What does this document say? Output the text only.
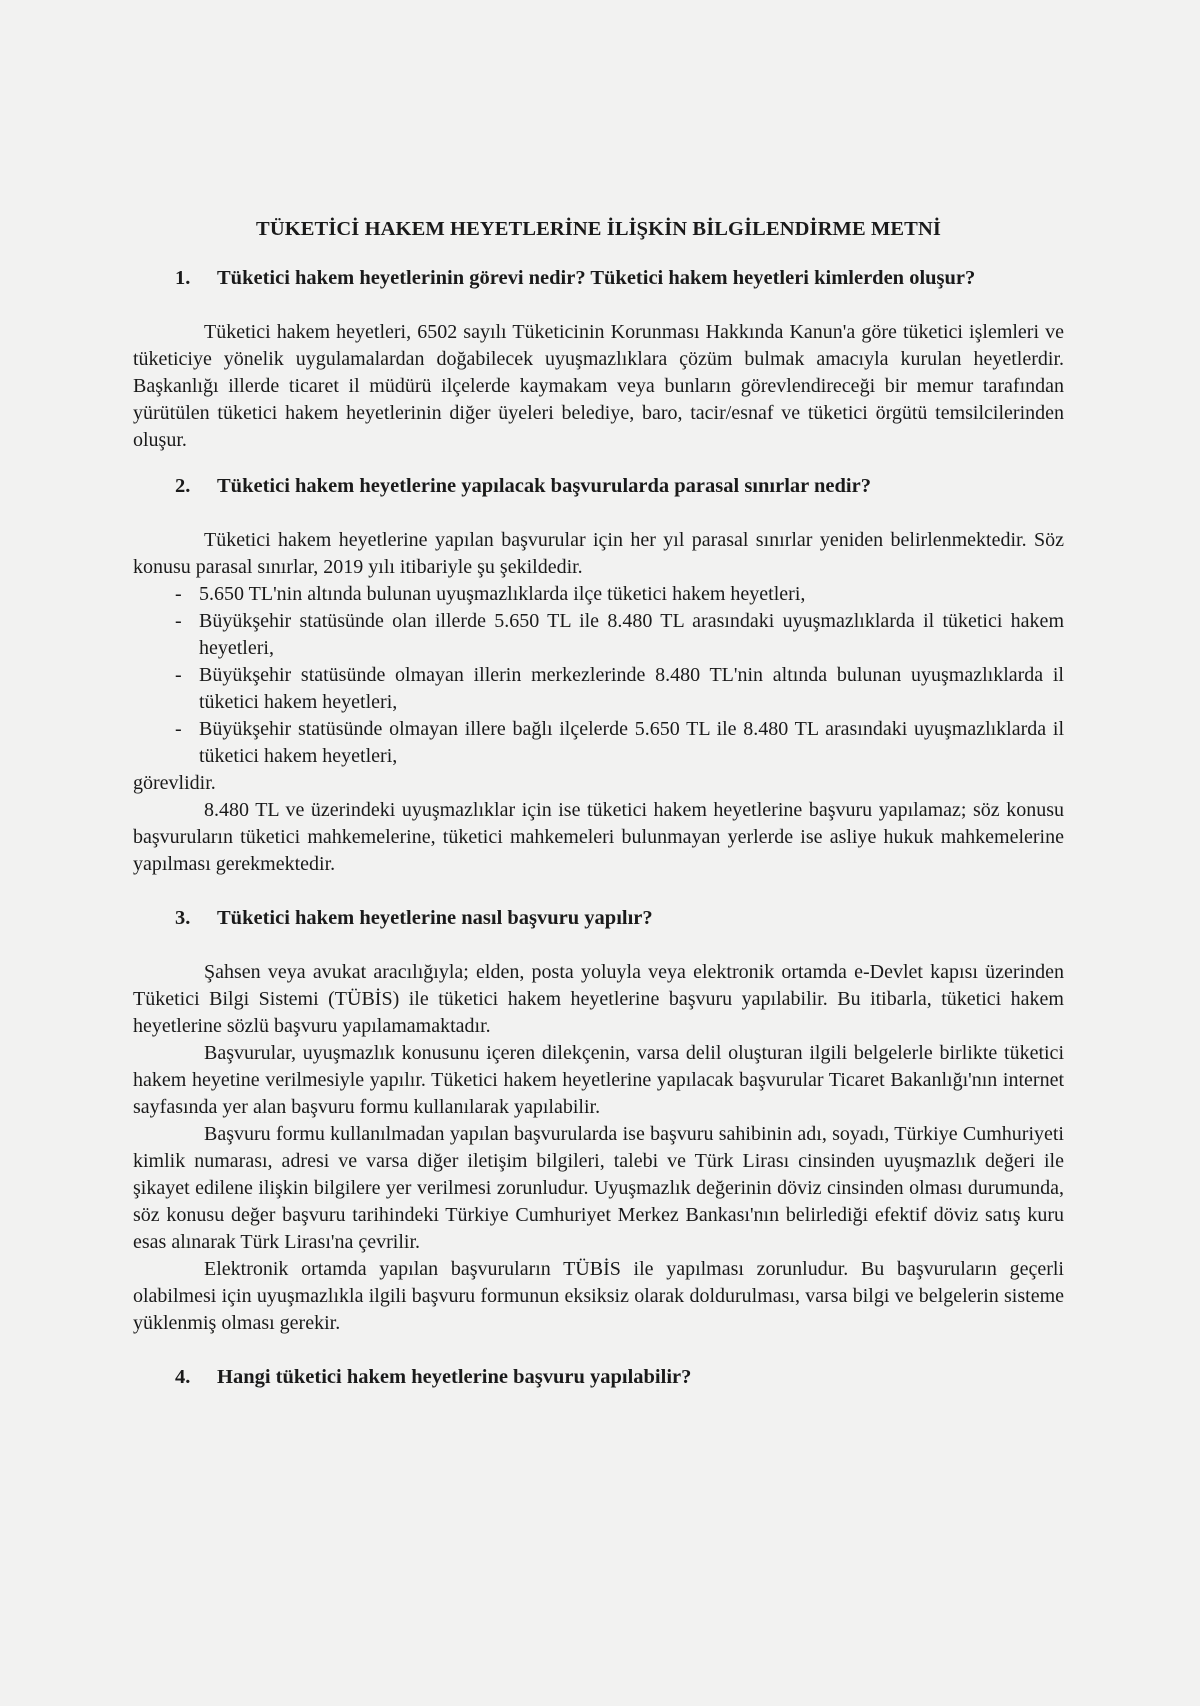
TÜKETİCİ HAKEM HEYETLERİNE İLİŞKİN BİLGİLENDİRME METNİ

1.	Tüketici hakem heyetlerinin görevi nedir? Tüketici hakem heyetleri kimlerden oluşur?

Tüketici hakem heyetleri, 6502 sayılı Tüketicinin Korunması Hakkında Kanun'a göre tüketici işlemleri ve tüketiciye yönelik uygulamalardan doğabilecek uyuşmazlıklara çözüm bulmak amacıyla kurulan heyetlerdir. Başkanlığı illerde ticaret il müdürü ilçelerde kaymakam veya bunların görevlendireceği bir memur tarafından yürütülen tüketici hakem heyetlerinin diğer üyeleri belediye, baro, tacir/esnaf ve tüketici örgütü temsilcilerinden oluşur.

2.	Tüketici hakem heyetlerine yapılacak başvurularda parasal sınırlar nedir?

Tüketici hakem heyetlerine yapılan başvurular için her yıl parasal sınırlar yeniden belirlenmektedir. Söz konusu parasal sınırlar, 2019 yılı itibariyle şu şekildedir.

- 5.650 TL'nin altında bulunan uyuşmazlıklarda ilçe tüketici hakem heyetleri,
- Büyükşehir statüsünde olan illerde 5.650 TL ile 8.480 TL arasındaki uyuşmazlıklarda il tüketici hakem heyetleri,
- Büyükşehir statüsünde olmayan illerin merkezlerinde 8.480 TL'nin altında bulunan uyuşmazlıklarda il tüketici hakem heyetleri,
- Büyükşehir statüsünde olmayan illere bağlı ilçelerde 5.650 TL ile 8.480 TL arasındaki uyuşmazlıklarda il tüketici hakem heyetleri,

görevlidir.

8.480 TL ve üzerindeki uyuşmazlıklar için ise tüketici hakem heyetlerine başvuru yapılamaz; söz konusu başvuruların tüketici mahkemelerine, tüketici mahkemeleri bulunmayan yerlerde ise asliye hukuk mahkemelerine yapılması gerekmektedir.

3.	Tüketici hakem heyetlerine nasıl başvuru yapılır?

Şahsen veya avukat aracılığıyla; elden, posta yoluyla veya elektronik ortamda e-Devlet kapısı üzerinden Tüketici Bilgi Sistemi (TÜBİS) ile tüketici hakem heyetlerine başvuru yapılabilir. Bu itibarla, tüketici hakem heyetlerine sözlü başvuru yapılamamaktadır.

Başvurular, uyuşmazlık konusunu içeren dilekçenin, varsa delil oluşturan ilgili belgelerle birlikte tüketici hakem heyetine verilmesiyle yapılır. Tüketici hakem heyetlerine yapılacak başvurular Ticaret Bakanlığı'nın internet sayfasında yer alan başvuru formu kullanılarak yapılabilir.

Başvuru formu kullanılmadan yapılan başvurularda ise başvuru sahibinin adı, soyadı, Türkiye Cumhuriyeti kimlik numarası, adresi ve varsa diğer iletişim bilgileri, talebi ve Türk Lirası cinsinden uyuşmazlık değeri ile şikayet edilene ilişkin bilgilere yer verilmesi zorunludur. Uyuşmazlık değerinin döviz cinsinden olması durumunda, söz konusu değer başvuru tarihindeki Türkiye Cumhuriyet Merkez Bankası'nın belirlediği efektif döviz satış kuru esas alınarak Türk Lirası'na çevrilir.

Elektronik ortamda yapılan başvuruların TÜBİS ile yapılması zorunludur. Bu başvuruların geçerli olabilmesi için uyuşmazlıkla ilgili başvuru formunun eksiksiz olarak doldurulması, varsa bilgi ve belgelerin sisteme yüklenmiş olması gerekir.

4.	Hangi tüketici hakem heyetlerine başvuru yapılabilir?
